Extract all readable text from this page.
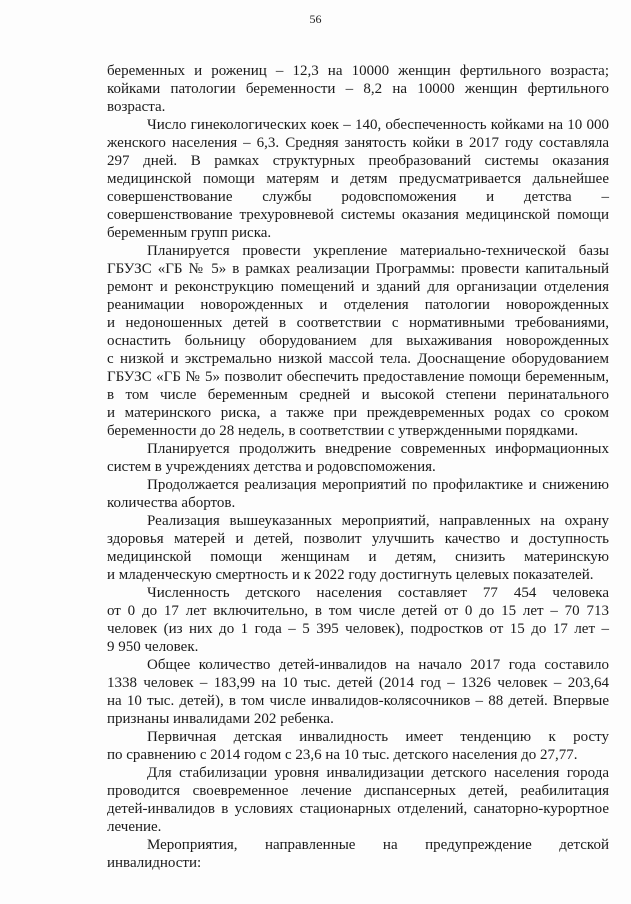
56
беременных и рожениц – 12,3 на 10000 женщин фертильного возраста;
койками патологии беременности – 8,2 на 10000 женщин фертильного
возраста.
Число гинекологических коек – 140, обеспеченность койками на 10 000
женского населения – 6,3. Средняя занятость койки в 2017 году составляла
297 дней. В рамках структурных преобразований системы оказания
медицинской помощи матерям и детям предусматривается дальнейшее
совершенствование службы родовспоможения и детства –
совершенствование трехуровневой системы оказания медицинской помощи
беременным групп риска.
Планируется провести укрепление материально-технической базы
ГБУЗС «ГБ № 5» в рамках реализации Программы: провести капитальный
ремонт и реконструкцию помещений и зданий для организации отделения
реанимации новорожденных и отделения патологии новорожденных
и недоношенных детей в соответствии с нормативными требованиями,
оснастить больницу оборудованием для выхаживания новорожденных
с низкой и экстремально низкой массой тела. Дооснащение оборудованием
ГБУЗС «ГБ № 5» позволит обеспечить предоставление помощи беременным,
в том числе беременным средней и высокой степени перинатального
и материнского риска, а также при преждевременных родах со сроком
беременности до 28 недель, в соответствии с утвержденными порядками.
Планируется продолжить внедрение современных информационных
систем в учреждениях детства и родовспоможения.
Продолжается реализация мероприятий по профилактике и снижению
количества абортов.
Реализация вышеуказанных мероприятий, направленных на охрану
здоровья матерей и детей, позволит улучшить качество и доступность
медицинской помощи женщинам и детям, снизить материнскую
и младенческую смертность и к 2022 году достигнуть целевых показателей.
Численность детского населения составляет 77 454 человека
от 0 до 17 лет включительно, в том числе детей от 0 до 15 лет – 70 713
человек (из них до 1 года – 5 395 человек), подростков от 15 до 17 лет –
9 950 человек.
Общее количество детей-инвалидов на начало 2017 года составило
1338 человек – 183,99 на 10 тыс. детей (2014 год – 1326 человек – 203,64
на 10 тыс. детей), в том числе инвалидов-колясочников – 88 детей. Впервые
признаны инвалидами 202 ребенка.
Первичная детская инвалидность имеет тенденцию к росту
по сравнению с 2014 годом с 23,6 на 10 тыс. детского населения до 27,77.
Для стабилизации уровня инвалидизации детского населения города
проводится своевременное лечение диспансерных детей, реабилитация
детей-инвалидов в условиях стационарных отделений, санаторно-курортное
лечение.
Мероприятия, направленные на предупреждение детской
инвалидности:
